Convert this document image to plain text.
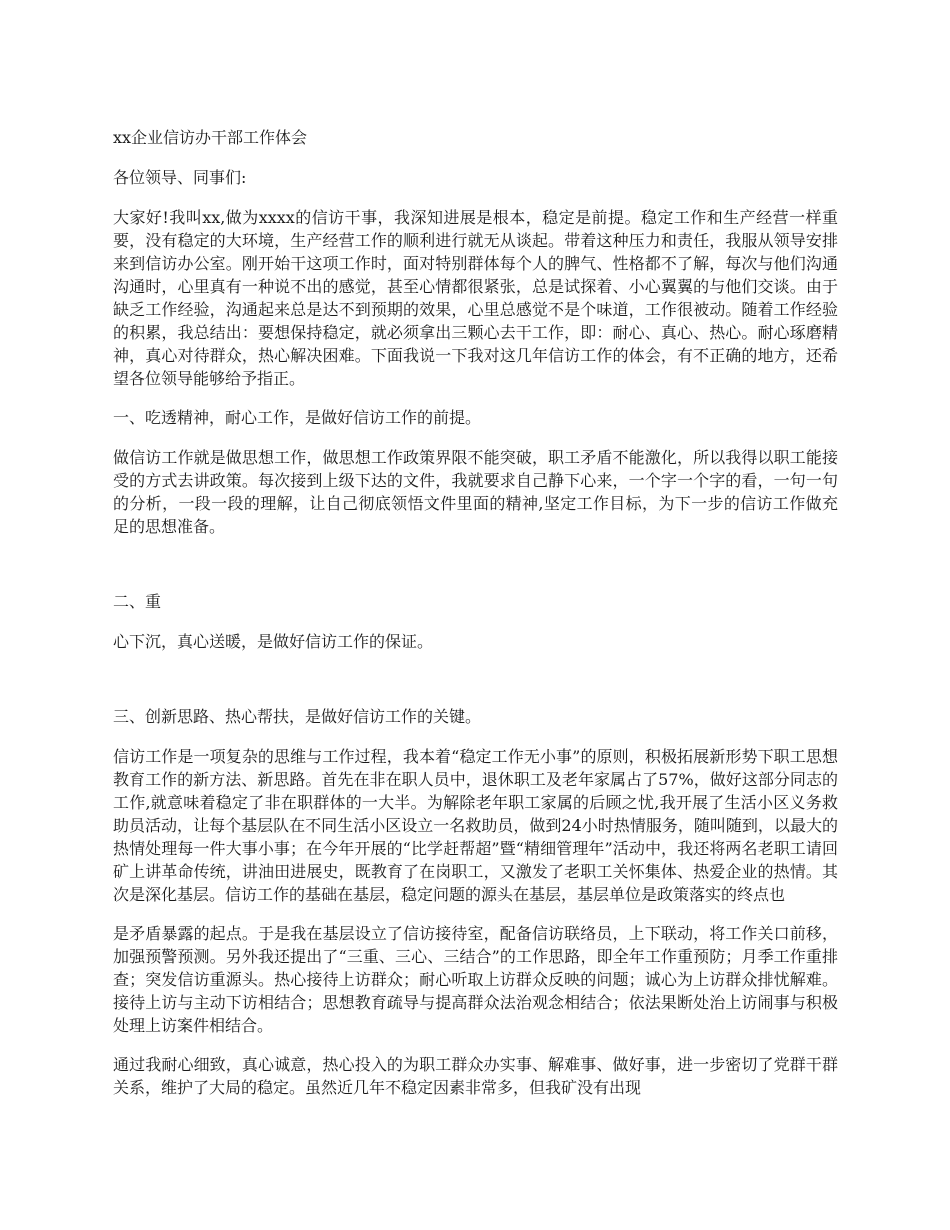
xx企业信访办干部工作体会
各位领导、同事们:
大家好!我叫xx,做为xxxx的信访干事，我深知进展是根本，稳定是前提。稳定工作和生产经营一样重要，没有稳定的大环境，生产经营工作的顺利进行就无从谈起。带着这种压力和责任，我服从领导安排来到信访办公室。刚开始干这项工作时，面对特别群体每个人的脾气、性格都不了解，每次与他们沟通沟通时，心里真有一种说不出的感觉，甚至心情都很紧张，总是试探着、小心翼翼的与他们交谈。由于缺乏工作经验，沟通起来总是达不到预期的效果，心里总感觉不是个味道，工作很被动。随着工作经验的积累，我总结出：要想保持稳定，就必须拿出三颗心去干工作，即：耐心、真心、热心。耐心琢磨精神，真心对待群众，热心解决困难。下面我说一下我对这几年信访工作的体会，有不正确的地方，还希望各位领导能够给予指正。
一、吃透精神，耐心工作，是做好信访工作的前提。
做信访工作就是做思想工作，做思想工作政策界限不能突破，职工矛盾不能激化，所以我得以职工能接受的方式去讲政策。每次接到上级下达的文件，我就要求自己静下心来，一个字一个字的看，一句一句的分析，一段一段的理解，让自己彻底领悟文件里面的精神,坚定工作目标，为下一步的信访工作做充足的思想准备。
二、重
心下沉，真心送暖，是做好信访工作的保证。
三、创新思路、热心帮扶，是做好信访工作的关键。
信访工作是一项复杂的思维与工作过程，我本着“稳定工作无小事”的原则，积极拓展新形势下职工思想教育工作的新方法、新思路。首先在非在职人员中，退休职工及老年家属占了57%，做好这部分同志的工作,就意味着稳定了非在职群体的一大半。为解除老年职工家属的后顾之忧,我开展了生活小区义务救助员活动，让每个基层队在不同生活小区设立一名救助员，做到24小时热情服务，随叫随到，以最大的热情处理每一件大事小事；在今年开展的“比学赶帮超”暨“精细管理年”活动中，我还将两名老职工请回矿上讲革命传统，讲油田进展史，既教育了在岗职工，又激发了老职工关怀集体、热爱企业的热情。其次是深化基层。信访工作的基础在基层，稳定问题的源头在基层，基层单位是政策落实的终点也
是矛盾暴露的起点。于是我在基层设立了信访接待室，配备信访联络员，上下联动，将工作关口前移，加强预警预测。另外我还提出了“三重、三心、三结合”的工作思路，即全年工作重预防；月季工作重排查；突发信访重源头。热心接待上访群众；耐心听取上访群众反映的问题；诚心为上访群众排忧解难。接待上访与主动下访相结合；思想教育疏导与提高群众法治观念相结合；依法果断处治上访闹事与积极处理上访案件相结合。
通过我耐心细致，真心诚意，热心投入的为职工群众办实事、解难事、做好事，进一步密切了党群干群关系，维护了大局的稳定。虽然近几年不稳定因素非常多，但我矿没有出现
